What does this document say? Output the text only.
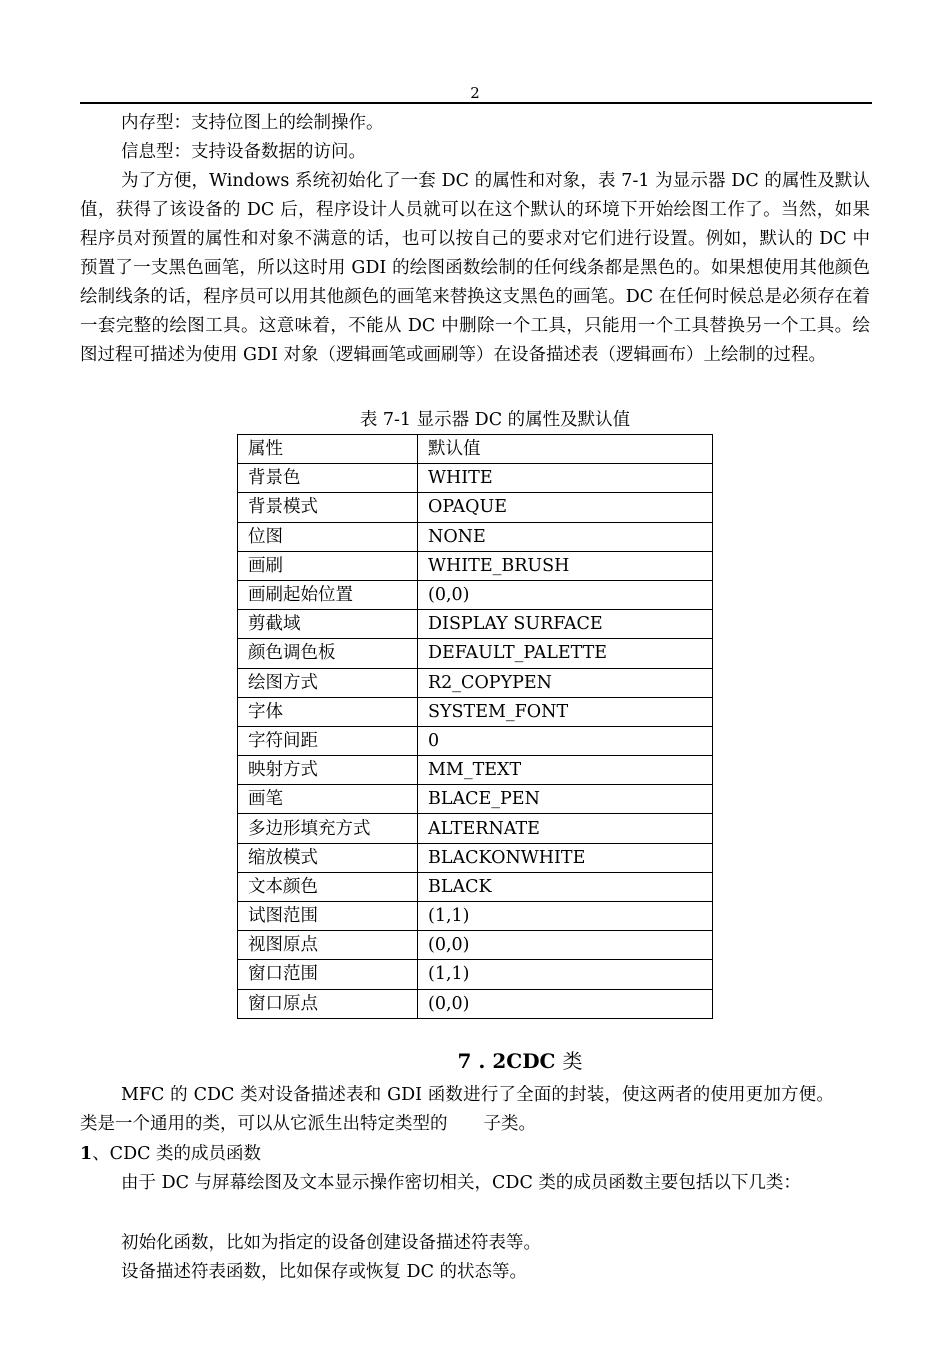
2

内存型：支持位图上的绘制操作。

信息型：支持设备数据的访问。

为了方便，Windows 系统初始化了一套 DC 的属性和对象，表 7-1 为显示器 DC 的属性及默认值，获得了该设备的 DC 后，程序设计人员就可以在这个默认的环境下开始绘图工作了。当然，如果程序员对预置的属性和对象不满意的话，也可以按自己的要求对它们进行设置。例如，默认的 DC 中预置了一支黑色画笔，所以这时用 GDI 的绘图函数绘制的任何线条都是黑色的。如果想使用其他颜色绘制线条的话，程序员可以用其他颜色的画笔来替换这支黑色的画笔。DC 在任何时候总是必须存在着一套完整的绘图工具。这意味着，不能从 DC 中删除一个工具，只能用一个工具替换另一个工具。绘图过程可描述为使用 GDI 对象（逻辑画笔或画刷等）在设备描述表（逻辑画布）上绘制的过程。

表 7-1 显示器 DC 的属性及默认值
属性	默认值
背景色	WHITE
背景模式	OPAQUE
位图	NONE
画刷	WHITE_BRUSH
画刷起始位置	(0,0)
剪截域	DISPLAY SURFACE
颜色调色板	DEFAULT_PALETTE
绘图方式	R2_COPYPEN
字体	SYSTEM_FONT
字符间距	0
映射方式	MM_TEXT
画笔	BLACE_PEN
多边形填充方式	ALTERNATE
缩放模式	BLACKONWHITE
文本颜色	BLACK
试图范围	(1,1)
视图原点	(0,0)
窗口范围	(1,1)
窗口原点	(0,0)
7 . 2CDC 类

MFC 的 CDC 类对设备描述表和 GDI 函数进行了全面的封装，使这两者的使用更加方便。类是一个通用的类，可以从它派生出特定类型的 子类。

1、CDC 类的成员函数

由于 DC 与屏幕绘图及文本显示操作密切相关，CDC 类的成员函数主要包括以下几类：

初始化函数，比如为指定的设备创建设备描述符表等。

设备描述符表函数，比如保存或恢复 DC 的状态等。
